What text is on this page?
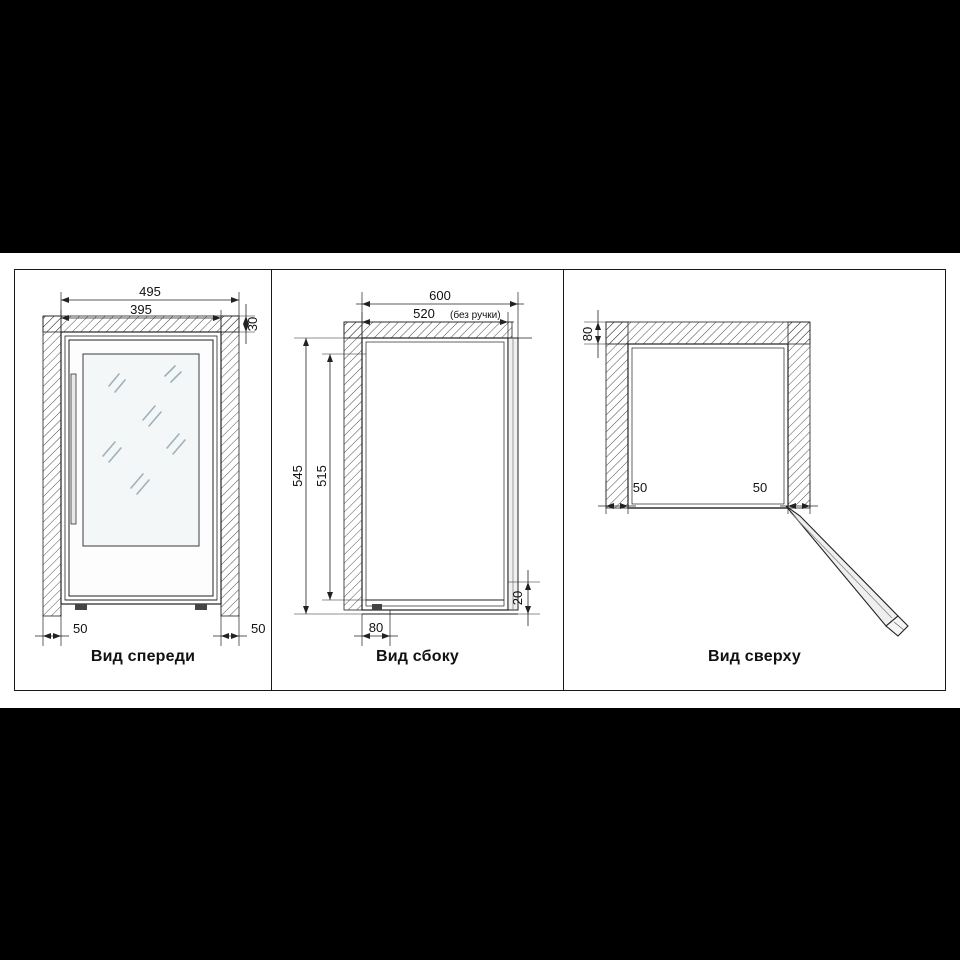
495
395
30
50	50
Вид спереди
600
520 (без ручки)
545 515
80
20
Вид сбоку
80
50	50
Вид сверху
